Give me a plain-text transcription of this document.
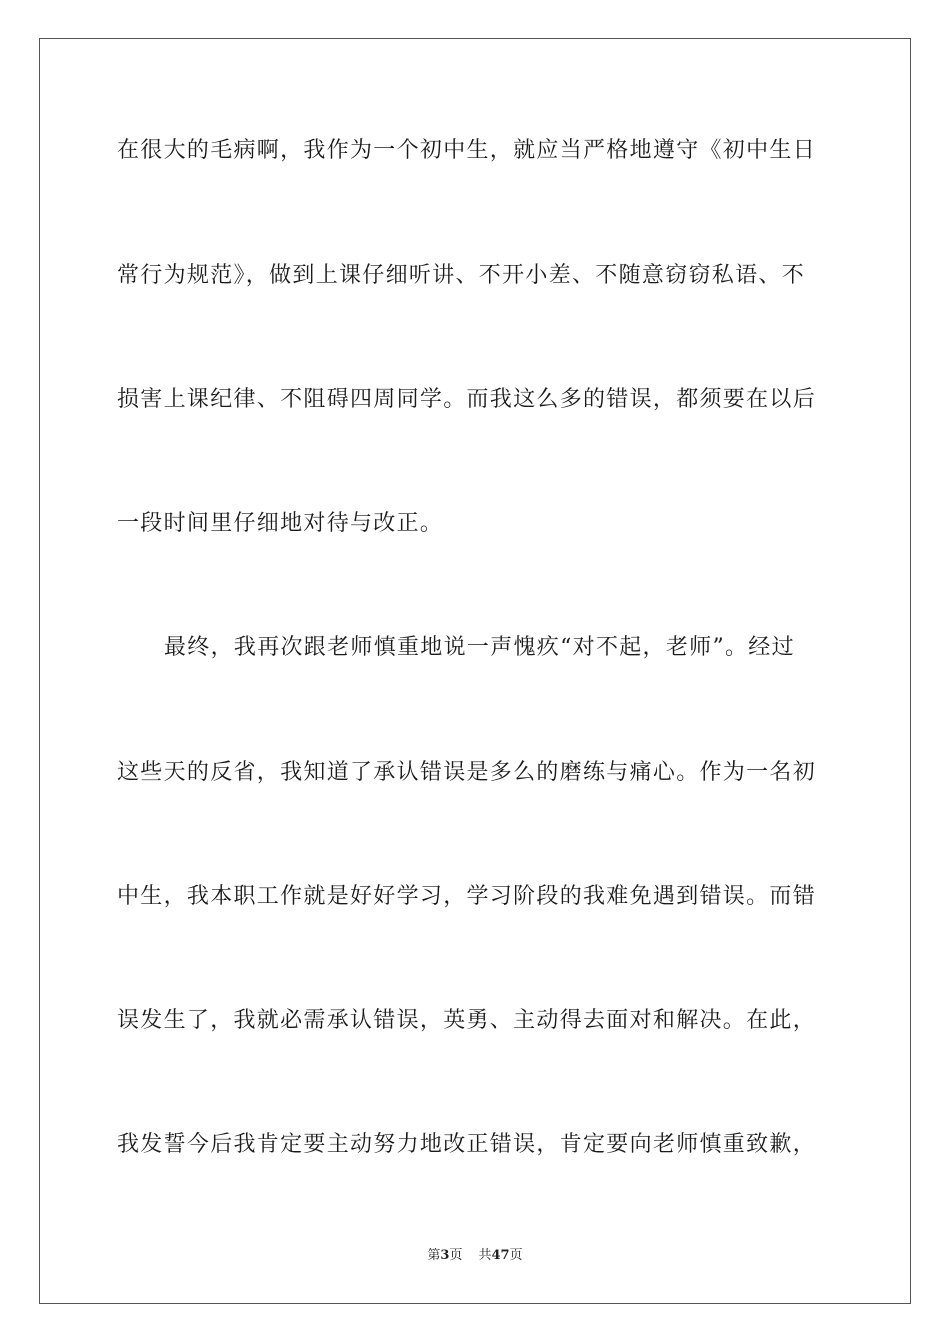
在很大的毛病啊，我作为一个初中生，就应当严格地遵守《初中生日
常行为规范》，做到上课仔细听讲、不开小差、不随意窃窃私语、不
损害上课纪律、不阻碍四周同学。而我这么多的错误，都须要在以后
一段时间里仔细地对待与改正。
最终，我再次跟老师慎重地说一声愧疚“对不起，老师”。经过
这些天的反省，我知道了承认错误是多么的磨练与痛心。作为一名初
中生，我本职工作就是好好学习，学习阶段的我难免遇到错误。而错
误发生了，我就必需承认错误，英勇、主动得去面对和解决。在此，
我发誓今后我肯定要主动努力地改正错误，肯定要向老师慎重致歉，
第3页 共47页
